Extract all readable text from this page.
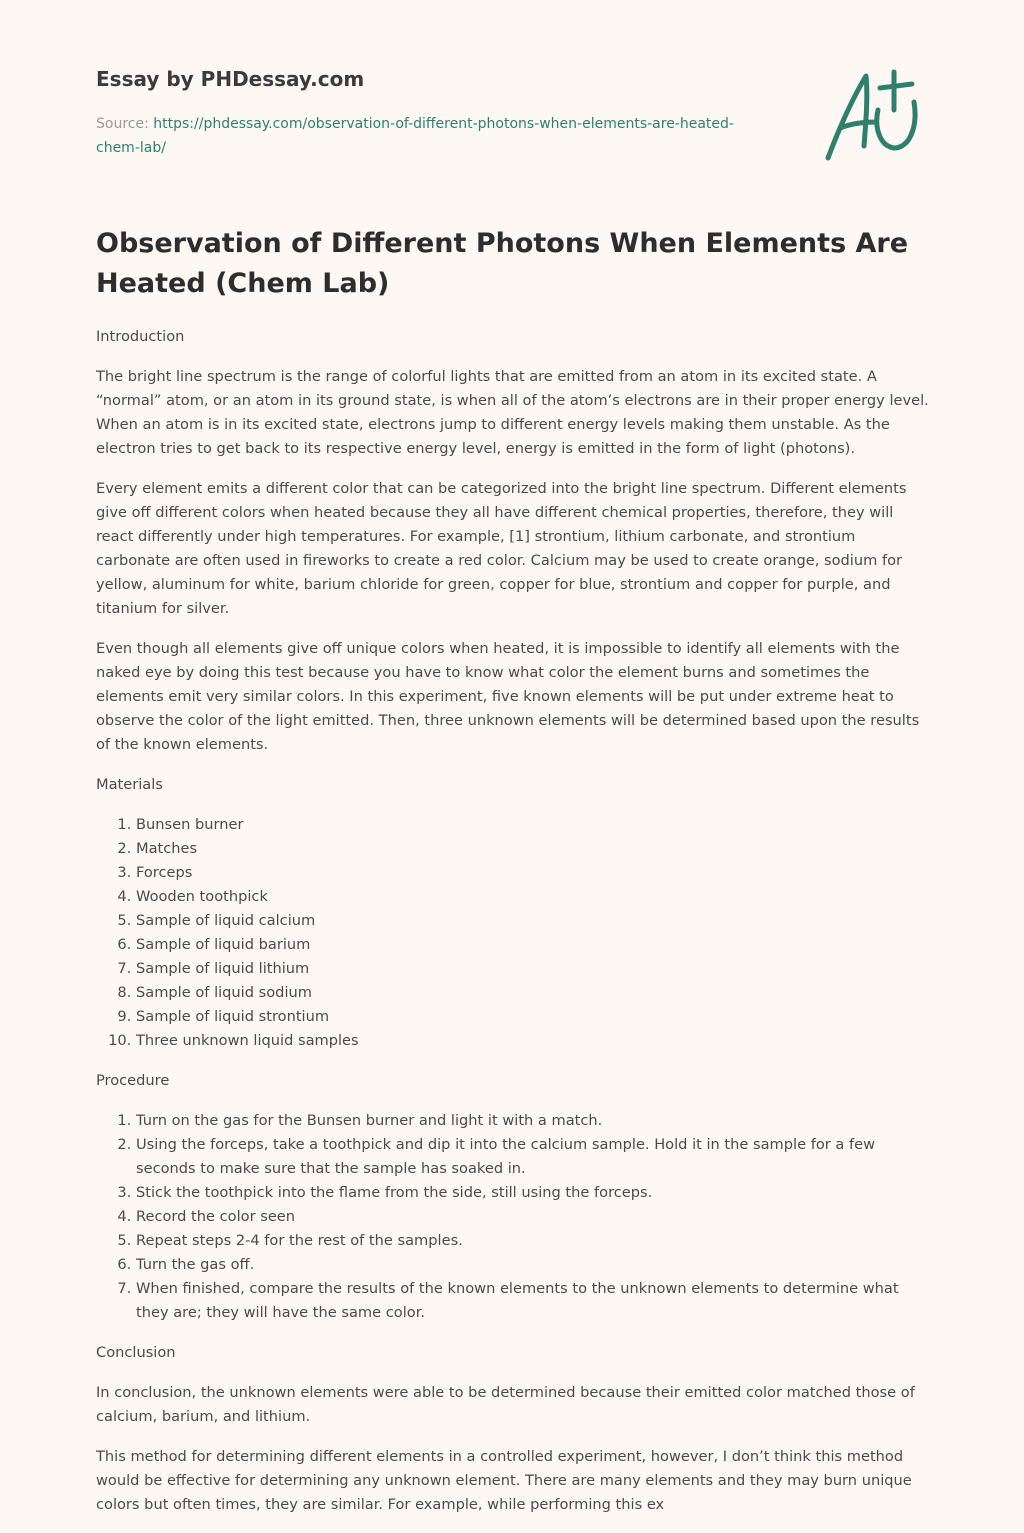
Essay by PHDessay.com

Source: https://phdessay.com/observation-of-different-photons-when-elements-are-heated-chem-lab/

Observation of Different Photons When Elements Are Heated (Chem Lab)

Introduction

The bright line spectrum is the range of colorful lights that are emitted from an atom in its excited state. A “normal” atom, or an atom in its ground state, is when all of the atom’s electrons are in their proper energy level. When an atom is in its excited state, electrons jump to different energy levels making them unstable. As the electron tries to get back to its respective energy level, energy is emitted in the form of light (photons).

Every element emits a different color that can be categorized into the bright line spectrum. Different elements give off different colors when heated because they all have different chemical properties, therefore, they will react differently under high temperatures. For example, [1] strontium, lithium carbonate, and strontium carbonate are often used in fireworks to create a red color. Calcium may be used to create orange, sodium for yellow, aluminum for white, barium chloride for green, copper for blue, strontium and copper for purple, and titanium for silver.

Even though all elements give off unique colors when heated, it is impossible to identify all elements with the naked eye by doing this test because you have to know what color the element burns and sometimes the elements emit very similar colors. In this experiment, five known elements will be put under extreme heat to observe the color of the light emitted. Then, three unknown elements will be determined based upon the results of the known elements.

Materials

1. Bunsen burner
2. Matches
3. Forceps
4. Wooden toothpick
5. Sample of liquid calcium
6. Sample of liquid barium
7. Sample of liquid lithium
8. Sample of liquid sodium
9. Sample of liquid strontium
10. Three unknown liquid samples

Procedure

1. Turn on the gas for the Bunsen burner and light it with a match.
2. Using the forceps, take a toothpick and dip it into the calcium sample. Hold it in the sample for a few seconds to make sure that the sample has soaked in.
3. Stick the toothpick into the flame from the side, still using the forceps.
4. Record the color seen
5. Repeat steps 2-4 for the rest of the samples.
6. Turn the gas off.
7. When finished, compare the results of the known elements to the unknown elements to determine what they are; they will have the same color.

Conclusion

In conclusion, the unknown elements were able to be determined because their emitted color matched those of calcium, barium, and lithium.

This method for determining different elements in a controlled experiment, however, I don’t think this method would be effective for determining any unknown element. There are many elements and they may burn unique colors but often times, they are similar. For example, while performing this ex
